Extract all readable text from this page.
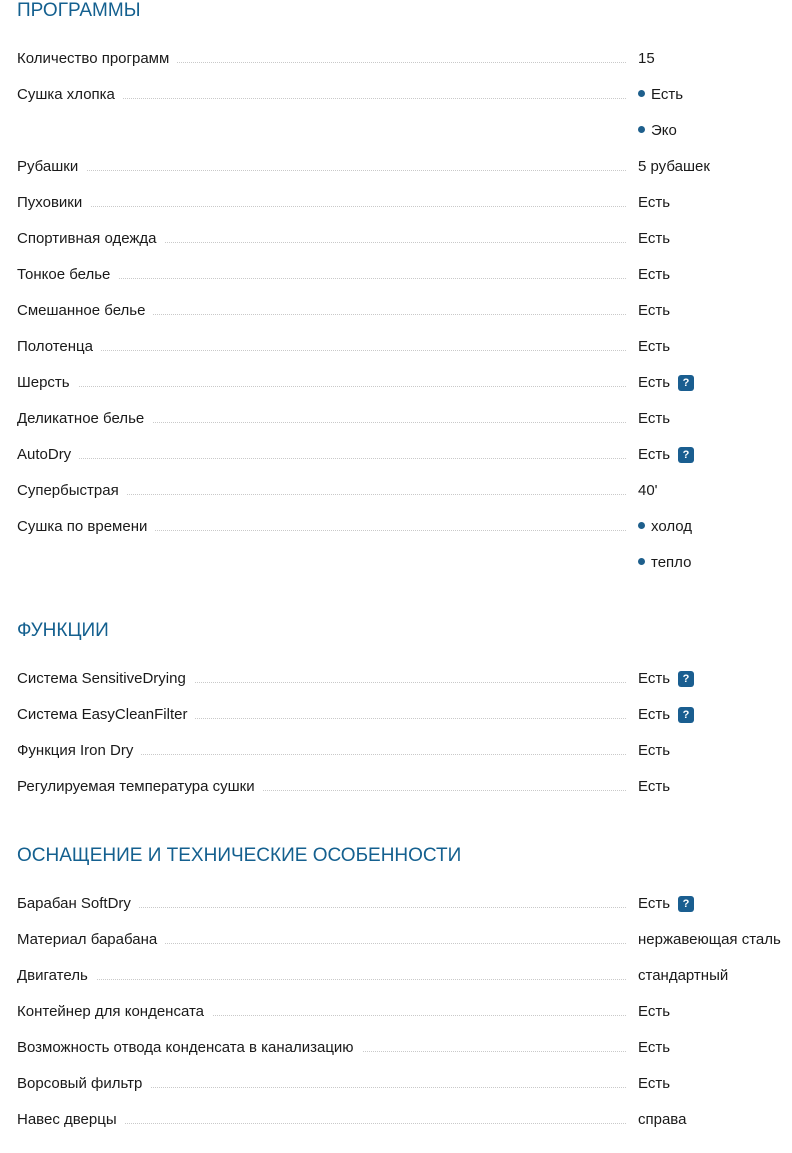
ПРОГРАММЫ
Количество программ	15
Сушка хлопка	Есть
Эко
Рубашки	5 рубашек
Пуховики	Есть
Спортивная одежда	Есть
Тонкое белье	Есть
Смешанное белье	Есть
Полотенца	Есть
Шерсть	Есть ?
Деликатное белье	Есть
AutoDry	Есть ?
Супербыстрая	40'
Сушка по времени	холод
тепло
ФУНКЦИИ
Система SensitiveDrying	Есть ?
Система EasyCleanFilter	Есть ?
Функция Iron Dry	Есть
Регулируемая температура сушки	Есть
ОСНАЩЕНИЕ И ТЕХНИЧЕСКИЕ ОСОБЕННОСТИ
Барабан SoftDry	Есть ?
Материал барабана	нержавеющая сталь
Двигатель	стандартный
Контейнер для конденсата	Есть
Возможность отвода конденсата в канализацию	Есть
Ворсовый фильтр	Есть
Навес дверцы	справа
